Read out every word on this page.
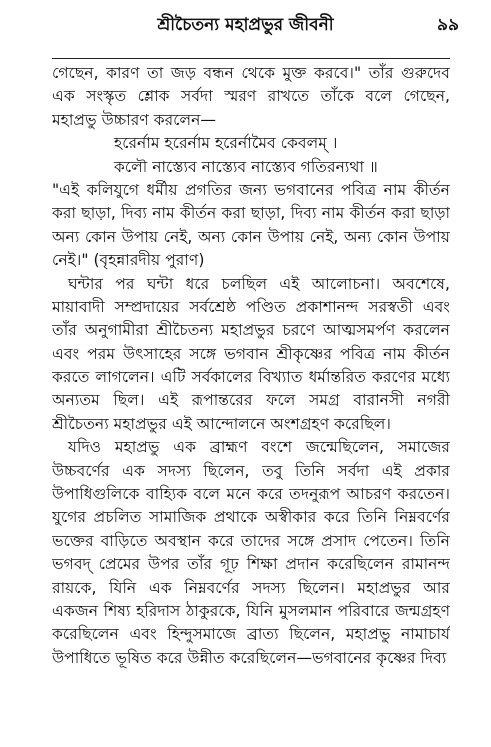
শ্রীচৈতন্য মহাপ্রভুর জীবনী	৯৯
গেছেন, কারণ তা জড় বন্ধন থেকে মুক্ত করবে।" তাঁর গুরুদেব
এক সংস্কৃত শ্লোক সর্বদা স্মরণ রাখতে তাঁকে বলে গেছেন,
মহাপ্রভু উচ্চারণ করলেন—
হরের্নাম হরের্নাম হরের্নামৈব কেবলম্ ।
কলৌ নাস্ত্যেব নাস্ত্যেব নাস্ত্যেব গতিরন্যথা ॥
"এই কলিযুগে ধর্মীয় প্রগতির জন্য ভগবানের পবিত্র নাম কীর্তন
করা ছাড়া, দিব্য নাম কীর্তন করা ছাড়া, দিব্য নাম কীর্তন করা ছাড়া
অন্য কোন উপায় নেই, অন্য কোন উপায় নেই, অন্য কোন উপায়
নেই।" (বৃহন্নারদীয় পুরাণ)
ঘন্টার পর ঘন্টা ধরে চলছিল এই আলোচনা। অবশেষে,
মায়াবাদী সম্প্রদায়ের সর্বশ্রেষ্ঠ পণ্ডিত প্রকাশানন্দ সরস্বতী এবং
তাঁর অনুগামীরা শ্রীচৈতন্য মহাপ্রভুর চরণে আত্মসমর্পণ করলেন
এবং পরম উৎসাহের সঙ্গে ভগবান শ্রীকৃষ্ণের পবিত্র নাম কীর্তন
করতে লাগলেন। এটি সর্বকালের বিখ্যাত ধর্মান্তরিত করণের মধ্যে
অন্যতম ছিল। এই রূপান্তরের ফলে সমগ্র বারানসী নগরী
শ্রীচৈতন্য মহাপ্রভুর এই আন্দোলনে অংশগ্রহণ করেছিল।
যদিও মহাপ্রভু এক ব্রাহ্মণ বংশে জন্মেছিলেন, সমাজের
উচ্চবর্ণের এক সদস্য ছিলেন, তবু তিনি সর্বদা এই প্রকার
উপাধিগুলিকে বাহ্যিক বলে মনে করে তদনুরূপ আচরণ করতেন।
যুগের প্রচলিত সামাজিক প্রথাকে অস্বীকার করে তিনি নিম্নবর্ণের
ভক্তের বাড়িতে অবস্থান করে তাদের সঙ্গে প্রসাদ পেতেন। তিনি
ভগবদ্ প্রেমের উপর তাঁর গূঢ় শিক্ষা প্রদান করেছিলেন রামানন্দ
রায়কে, যিনি এক নিম্নবর্ণের সদস্য ছিলেন। মহাপ্রভুর আর
একজন শিষ্য হরিদাস ঠাকুরকে, যিনি মুসলমান পরিবারে জন্মগ্রহণ
করেছিলেন এবং হিন্দুসমাজে ব্রাত্য ছিলেন, মহাপ্রভু নামাচার্য
উপাধিতে ভূষিত করে উন্নীত করেছিলেন—ভগবানের কৃষ্ণের দিব্য
